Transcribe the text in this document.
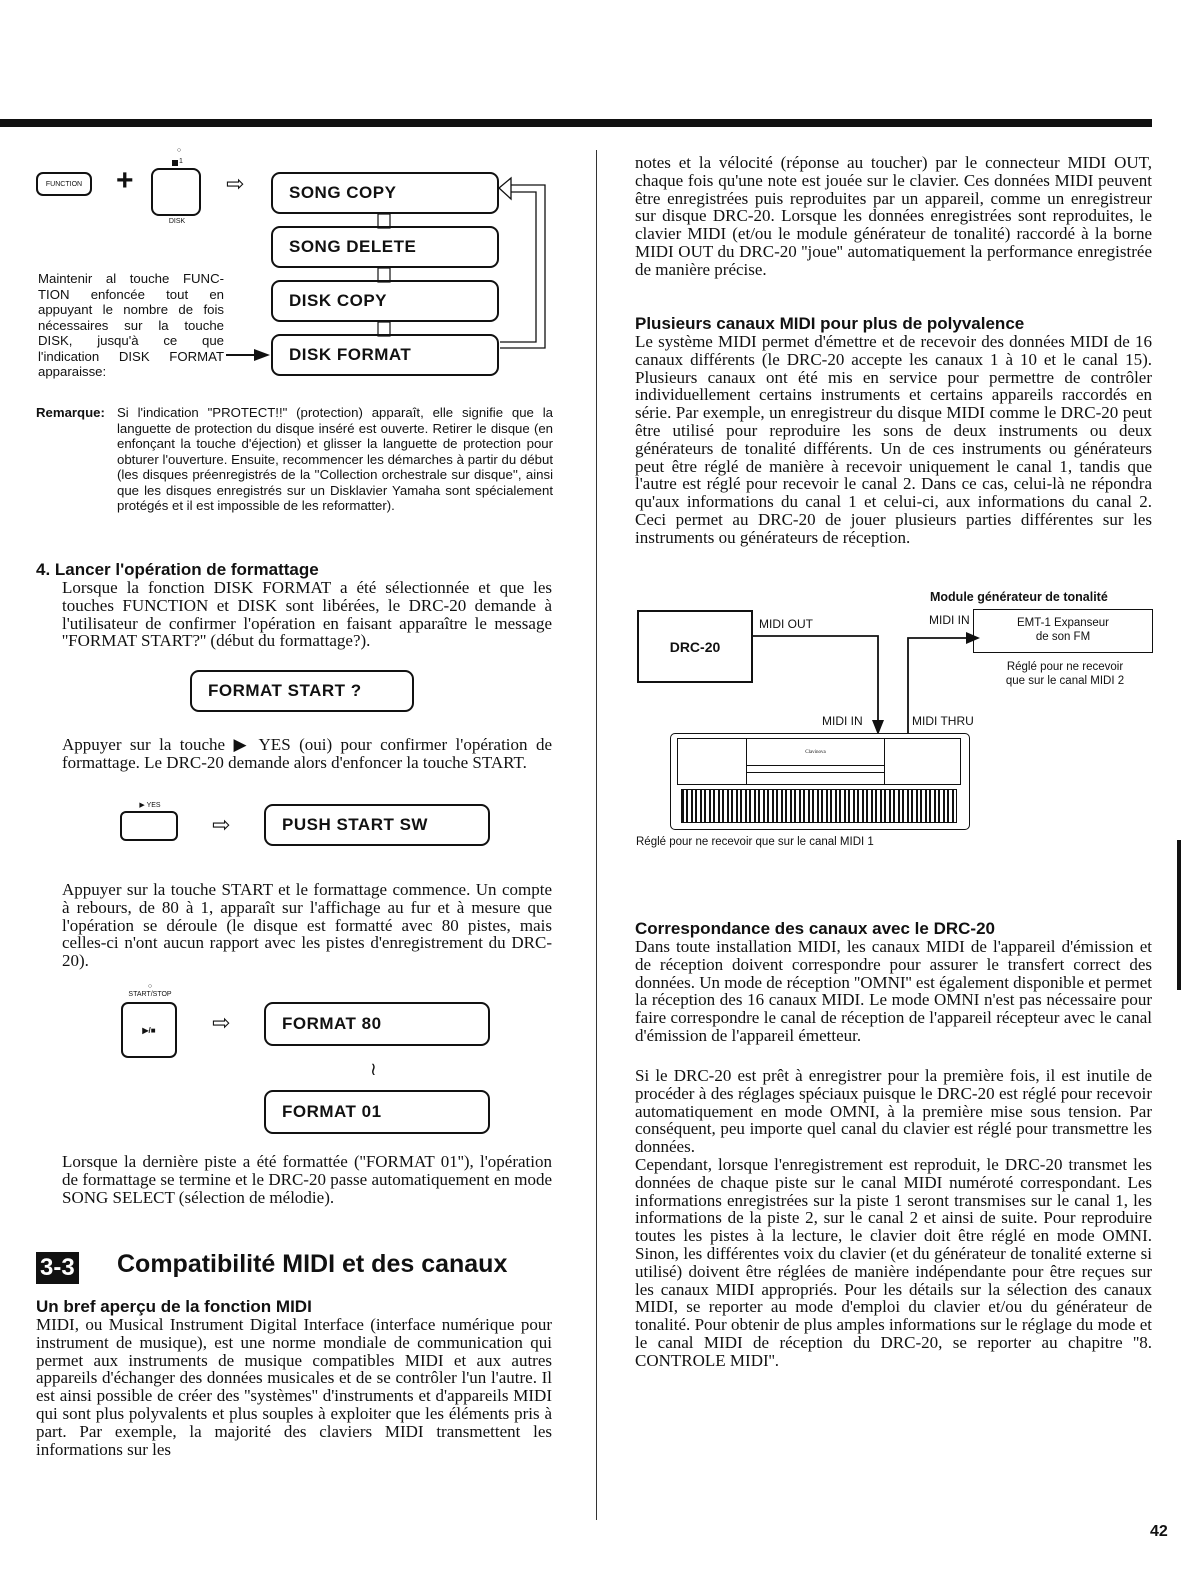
FUNCTION	+
○
1
DISK
⇨	SONG COPY
SONG DELETE
DISK COPY
DISK FORMAT
Maintenir al touche FUNC-TION enfoncée tout en appuyant le nombre de fois nécessaires sur la touche DISK, jusqu'à ce que l'indication DISK FORMAT apparaisse:
Remarque: Si l'indication "PROTECT!!" (protection) apparaît, elle signifie que la languette de protection du disque inséré est ouverte. Retirer le disque (en enfonçant la touche d'éjection) et glisser la languette de protection pour obturer l'ouverture. Ensuite, recommencer les démarches à partir du début (les disques préenregistrés de la ''Collection orchestrale sur disque'', ainsi que les disques enregistrés sur un Disklavier Yamaha sont spécialement protégés et il est impossible de les reformatter).
4. Lancer l'opération de formattage
Lorsque la fonction DISK FORMAT a été sélectionnée et que les touches FUNCTION et DISK sont libérées, le DRC-20 demande à l'utilisateur de confirmer l'opération en faisant apparaître le message ''FORMAT START?'' (début du formattage?).
FORMAT START ?
Appuyer sur la touche ▶ YES (oui) pour confirmer l'opération de formattage. Le DRC-20 demande alors d'enfoncer la touche START.
▶ YES
⇨	PUSH START SW
Appuyer sur la touche START et le formattage commence. Un compte à rebours, de 80 à 1, apparaît sur l'affichage au fur et à mesure que l'opération se déroule (le disque est formatté avec 80 pistes, mais celles-ci n'ont aucun rapport avec les pistes d'enregistrement du DRC-20).
○
START/STOP
▶/■	⇨	FORMAT 80
≀
FORMAT 01
Lorsque la dernière piste a été formattée (''FORMAT 01''), l'opération de formattage se termine et le DRC-20 passe automatiquement en mode SONG SELECT (sélection de mélodie).
3-3 Compatibilité MIDI et des canaux
Un bref aperçu de la fonction MIDI
MIDI, ou Musical Instrument Digital Interface (interface numérique pour instrument de musique), est une norme mondiale de communication qui permet aux instruments de musique compatibles MIDI et aux autres appareils d'échanger des données musicales et de se contrôler l'un l'autre. Il est ainsi possible de créer des ''systèmes'' d'instruments et d'appareils MIDI qui sont plus polyvalents et plus souples à exploiter que les éléments pris à part. Par exemple, la majorité des claviers MIDI transmettent les informations sur les
notes et la vélocité (réponse au toucher) par le connecteur MIDI OUT, chaque fois qu'une note est jouée sur le clavier. Ces données MIDI peuvent être enregistrées puis reproduites par un appareil, comme un enregistreur sur disque DRC-20. Lorsque les données enregistrées sont reproduites, le clavier MIDI (et/ou le module générateur de tonalité) raccordé à la borne MIDI OUT du DRC-20 ''joue'' automatiquement la performance enregistrée de manière précise.
Plusieurs canaux MIDI pour plus de polyvalence
Le système MIDI permet d'émettre et de recevoir des données MIDI de 16 canaux différents (le DRC-20 accepte les canaux 1 à 10 et le canal 15). Plusieurs canaux ont été mis en service pour permettre de contrôler individuellement certains instruments et certains appareils raccordés en série. Par exemple, un enregistreur du disque MIDI comme le DRC-20 peut être utilisé pour reproduire les sons de deux instruments ou deux générateurs de tonalité différents. Un de ces instruments ou générateurs peut être réglé de manière à recevoir uniquement le canal 1, tandis que l'autre est réglé pour recevoir le canal 2. Dans ce cas, celui-là ne répondra qu'aux informations du canal 1 et celui-ci, aux informations du canal 2. Ceci permet au DRC-20 de jouer plusieurs parties différentes sur les instruments ou générateurs de réception.
Module générateur de tonalité
DRC-20
MIDI OUT	MIDI IN	EMT-1 Expanseur
de son FM
Réglé pour ne recevoir
que sur le canal MIDI 2
MIDI IN	MIDI THRU
Clavinova
Réglé pour ne recevoir que sur le canal MIDI 1
Correspondance des canaux avec le DRC-20
Dans toute installation MIDI, les canaux MIDI de l'appareil d'émission et de réception doivent correspondre pour assurer le transfert correct des données. Un mode de réception ''OMNI'' est également disponible et permet la réception des 16 canaux MIDI. Le mode OMNI n'est pas nécessaire pour faire correspondre le canal de réception de l'appareil récepteur avec le canal d'émission de l'appareil émetteur.
Si le DRC-20 est prêt à enregistrer pour la première fois, il est inutile de procéder à des réglages spéciaux puisque le DRC-20 est réglé pour recevoir automatiquement en mode OMNI, à la première mise sous tension. Par conséquent, peu importe quel canal du clavier est réglé pour transmettre les données.
Cependant, lorsque l'enregistrement est reproduit, le DRC-20 transmet les données de chaque piste sur le canal MIDI numéroté correspondant. Les informations enregistrées sur la piste 1 seront transmises sur le canal 1, les informations de la piste 2, sur le canal 2 et ainsi de suite. Pour reproduire toutes les pistes à la lecture, le clavier doit être réglé en mode OMNI. Sinon, les différentes voix du clavier (et du générateur de tonalité externe si utilisé) doivent être réglées de manière indépendante pour être reçues sur les canaux MIDI appropriés. Pour les détails sur la sélection des canaux MIDI, se reporter au mode d'emploi du clavier et/ou du générateur de tonalité. Pour obtenir de plus amples informations sur le réglage du mode et le canal MIDI de réception du DRC-20, se reporter au chapitre ''8. CONTROLE MIDI''.
42
